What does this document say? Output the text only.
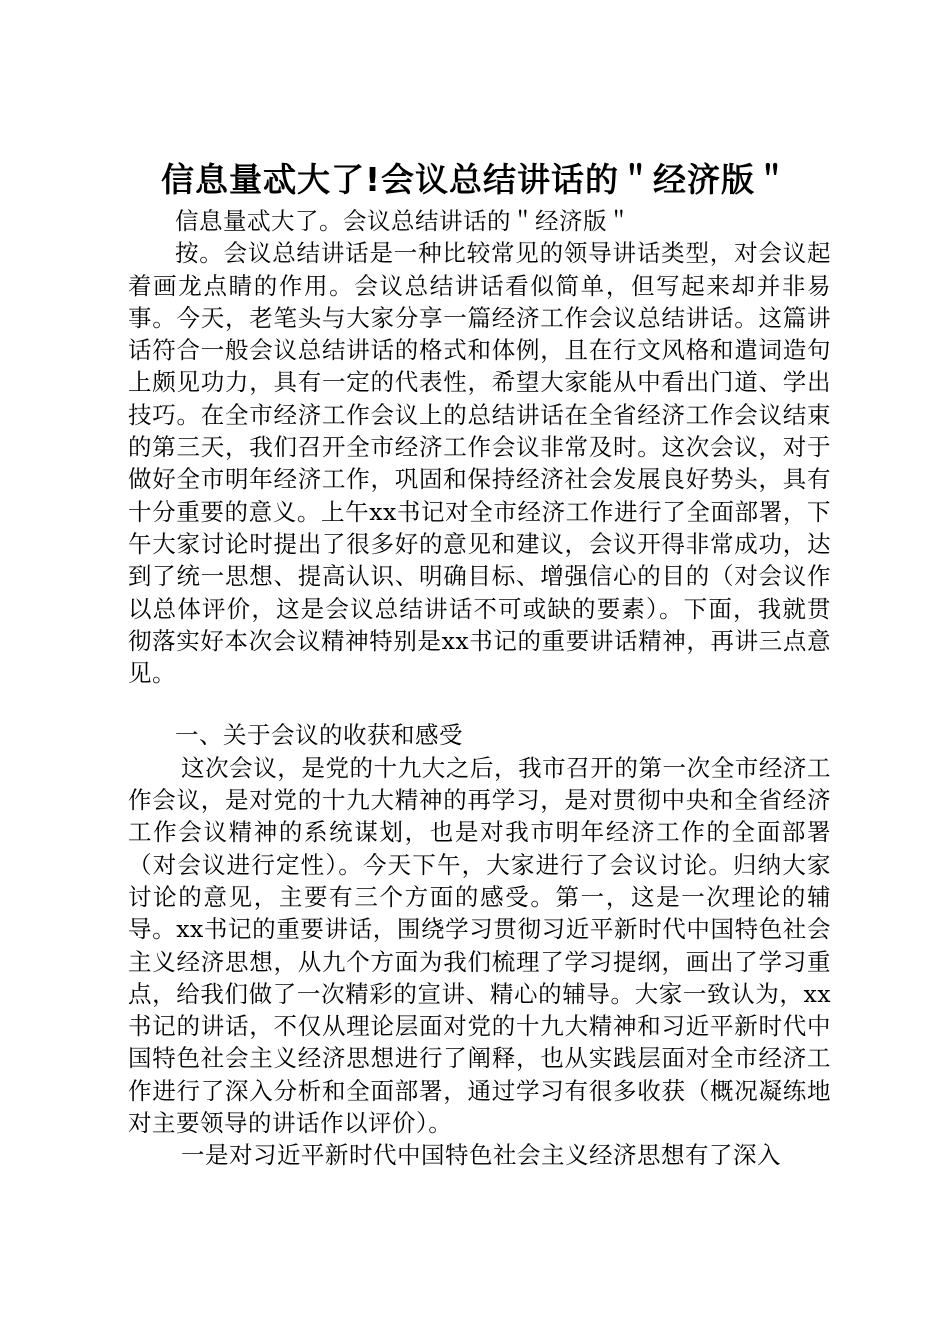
信息量忒大了!会议总结讲话的＂经济版＂

信息量忒大了。会议总结讲话的＂经济版＂

按。会议总结讲话是一种比较常见的领导讲话类型，对会议起着画龙点睛的作用。会议总结讲话看似简单，但写起来却并非易事。今天，老笔头与大家分享一篇经济工作会议总结讲话。这篇讲话符合一般会议总结讲话的格式和体例，且在行文风格和遣词造句上颇见功力，具有一定的代表性，希望大家能从中看出门道、学出技巧。在全市经济工作会议上的总结讲话在全省经济工作会议结束的第三天，我们召开全市经济工作会议非常及时。这次会议，对于做好全市明年经济工作，巩固和保持经济社会发展良好势头，具有十分重要的意义。上午xx书记对全市经济工作进行了全面部署，下午大家讨论时提出了很多好的意见和建议，会议开得非常成功，达到了统一思想、提高认识、明确目标、增强信心的目的（对会议作以总体评价，这是会议总结讲话不可或缺的要素）。下面，我就贯彻落实好本次会议精神特别是xx书记的重要讲话精神，再讲三点意见。

一、关于会议的收获和感受

这次会议，是党的十九大之后，我市召开的第一次全市经济工作会议，是对党的十九大精神的再学习，是对贯彻中央和全省经济工作会议精神的系统谋划，也是对我市明年经济工作的全面部署（对会议进行定性）。今天下午，大家进行了会议讨论。归纳大家讨论的意见，主要有三个方面的感受。第一，这是一次理论的辅导。xx书记的重要讲话，围绕学习贯彻习近平新时代中国特色社会主义经济思想，从九个方面为我们梳理了学习提纲，画出了学习重点，给我们做了一次精彩的宣讲、精心的辅导。大家一致认为，xx书记的讲话，不仅从理论层面对党的十九大精神和习近平新时代中国特色社会主义经济思想进行了阐释，也从实践层面对全市经济工作进行了深入分析和全面部署，通过学习有很多收获（概况凝练地对主要领导的讲话作以评价）。

一是对习近平新时代中国特色社会主义经济思想有了深入
